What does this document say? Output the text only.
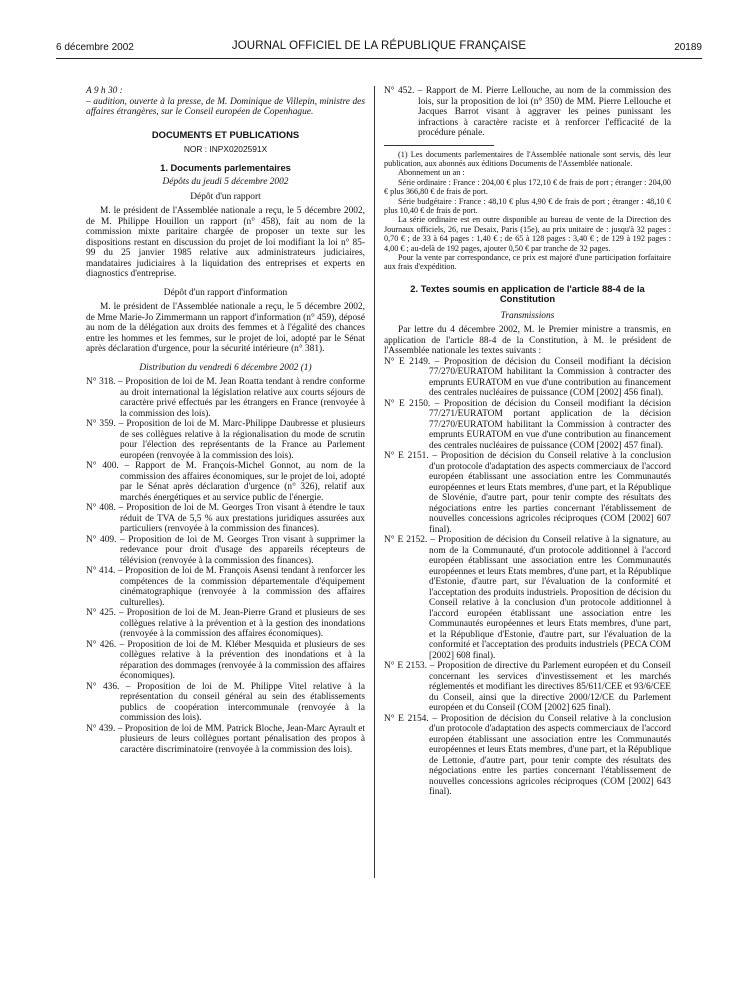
6 décembre 2002	JOURNAL OFFICIEL DE LA RÉPUBLIQUE FRANÇAISE	20189

A 9 h 30 :

– audition, ouverte à la presse, de M. Dominique de Villepin, ministre des affaires étrangères, sur le Conseil européen de Copenhague.

DOCUMENTS ET PUBLICATIONS

NOR : INPX0202591X

1. Documents parlementaires

Dépôts du jeudi 5 décembre 2002

Dépôt d'un rapport

M. le président de l'Assemblée nationale a reçu, le 5 décembre 2002, de M. Philippe Houillon un rapport (n° 458), fait au nom de la commission mixte paritaire chargée de proposer un texte sur les dispositions restant en discussion du projet de loi modifiant la loi n° 85-99 du 25 janvier 1985 relative aux administrateurs judiciaires, mandataires judiciaires à la liquidation des entreprises et experts en diagnostics d'entreprise.

Dépôt d'un rapport d'information

M. le président de l'Assemblée nationale a reçu, le 5 décembre 2002, de Mme Marie-Jo Zimmermann un rapport d'information (n° 459), déposé au nom de la délégation aux droits des femmes et à l'égalité des chances entre les hommes et les femmes, sur le projet de loi, adopté par le Sénat après déclaration d'urgence, pour la sécurité intérieure (n° 381).

Distribution du vendredi 6 décembre 2002 (1)

N° 318. – Proposition de loi de M. Jean Roatta tendant à rendre conforme au droit international la législation relative aux courts séjours de caractère privé effectués par les étrangers en France (renvoyée à la commission des lois).

N° 359. – Proposition de loi de M. Marc-Philippe Daubresse et plusieurs de ses collègues relative à la régionalisation du mode de scrutin pour l'élection des représentants de la France au Parlement européen (renvoyée à la commission des lois).

N° 400. – Rapport de M. François-Michel Gonnot, au nom de la commission des affaires économiques, sur le projet de loi, adopté par le Sénat après déclaration d'urgence (n° 326), relatif aux marchés énergétiques et au service public de l'énergie.

N° 408. – Proposition de loi de M. Georges Tron visant à étendre le taux réduit de TVA de 5,5 % aux prestations juridiques assurées aux particuliers (renvoyée à la commission des finances).

N° 409. – Proposition de loi de M. Georges Tron visant à supprimer la redevance pour droit d'usage des appareils récepteurs de télévision (renvoyée à la commission des finances).

N° 414. – Proposition de loi de M. François Asensi tendant à renforcer les compétences de la commission départementale d'équipement cinématographique (renvoyée à la commission des affaires culturelles).

N° 425. – Proposition de loi de M. Jean-Pierre Grand et plusieurs de ses collègues relative à la prévention et à la gestion des inondations (renvoyée à la commission des affaires économiques).

N° 426. – Proposition de loi de M. Kléber Mesquida et plusieurs de ses collègues relative à la prévention des inondations et à la réparation des dommages (renvoyée à la commission des affaires économiques).

N° 436. – Proposition de loi de M. Philippe Vitel relative à la représentation du conseil général au sein des établissements publics de coopération intercommunale (renvoyée à la commission des lois).

N° 439. – Proposition de loi de MM. Patrick Bloche, Jean-Marc Ayrault et plusieurs de leurs collègues portant pénalisation des propos à caractère discriminatoire (renvoyée à la commission des lois).

N° 452. – Rapport de M. Pierre Lellouche, au nom de la commission des lois, sur la proposition de loi (n° 350) de MM. Pierre Lellouche et Jacques Barrot visant à aggraver les peines punissant les infractions à caractère raciste et à renforcer l'efficacité de la procédure pénale.

(1) Les documents parlementaires de l'Assemblée nationale sont servis, dès leur publication, aux abonnés aux éditions Documents de l'Assemblée nationale.

Abonnement un an :

Série ordinaire : France : 204,00 € plus 172,10 € de frais de port ; étranger : 204,00 € plus 366,80 € de frais de port.

Série budgétaire : France : 48,10 € plus 4,90 € de frais de port ; étranger : 48,10 € plus 10,40 € de frais de port.

La série ordinaire est en outre disponible au bureau de vente de la Direction des Journaux officiels, 26, rue Desaix, Paris (15e), au prix unitaire de : jusqu'à 32 pages : 0,70 € ; de 33 à 64 pages : 1,40 € ; de 65 à 128 pages : 3,40 € ; de 129 à 192 pages : 4,00 € ; au-delà de 192 pages, ajouter 0,50 € par tranche de 32 pages.

Pour la vente par correspondance, ce prix est majoré d'une participation forfaitaire aux frais d'expédition.

2. Textes soumis en application de l'article 88-4 de la Constitution

Transmissions

Par lettre du 4 décembre 2002, M. le Premier ministre a transmis, en application de l'article 88-4 de la Constitution, à M. le président de l'Assemblée nationale les textes suivants :

N° E 2149. – Proposition de décision du Conseil modifiant la décision 77/270/EURATOM habilitant la Commission à contracter des emprunts EURATOM en vue d'une contribution au financement des centrales nucléaires de puissance (COM [2002] 456 final).

N° E 2150. – Proposition de décision du Conseil modifiant la décision 77/271/EURATOM portant application de la décision 77/270/EURATOM habilitant la Commission à contracter des emprunts EURATOM en vue d'une contribution au financement des centrales nucléaires de puissance (COM [2002] 457 final).

N° E 2151. – Proposition de décision du Conseil relative à la conclusion d'un protocole d'adaptation des aspects commerciaux de l'accord européen établissant une association entre les Communautés européennes et leurs Etats membres, d'une part, et la République de Slovénie, d'autre part, pour tenir compte des résultats des négociations entre les parties concernant l'établissement de nouvelles concessions agricoles réciproques (COM [2002] 607 final).

N° E 2152. – Proposition de décision du Conseil relative à la signature, au nom de la Communauté, d'un protocole additionnel à l'accord européen établissant une association entre les Communautés européennes et leurs Etats membres, d'une part, et la République d'Estonie, d'autre part, sur l'évaluation de la conformité et l'acceptation des produits industriels. Proposition de décision du Conseil relative à la conclusion d'un protocole additionnel à l'accord européen établissant une association entre les Communautés européennes et leurs Etats membres, d'une part, et la République d'Estonie, d'autre part, sur l'évaluation de la conformité et l'acceptation des produits industriels (PECA COM [2002] 608 final).

N° E 2153. – Proposition de directive du Parlement européen et du Conseil concernant les services d'investissement et les marchés réglementés et modifiant les directives 85/611/CEE et 93/6/CEE du Conseil, ainsi que la directive 2000/12/CE du Parlement européen et du Conseil (COM [2002] 625 final).

N° E 2154. – Proposition de décision du Conseil relative à la conclusion d'un protocole d'adaptation des aspects commerciaux de l'accord européen établissant une association entre les Communautés européennes et leurs Etats membres, d'une part, et la République de Lettonie, d'autre part, pour tenir compte des résultats des négociations entre les parties concernant l'établissement de nouvelles concessions agricoles réciproques (COM [2002] 643 final).
